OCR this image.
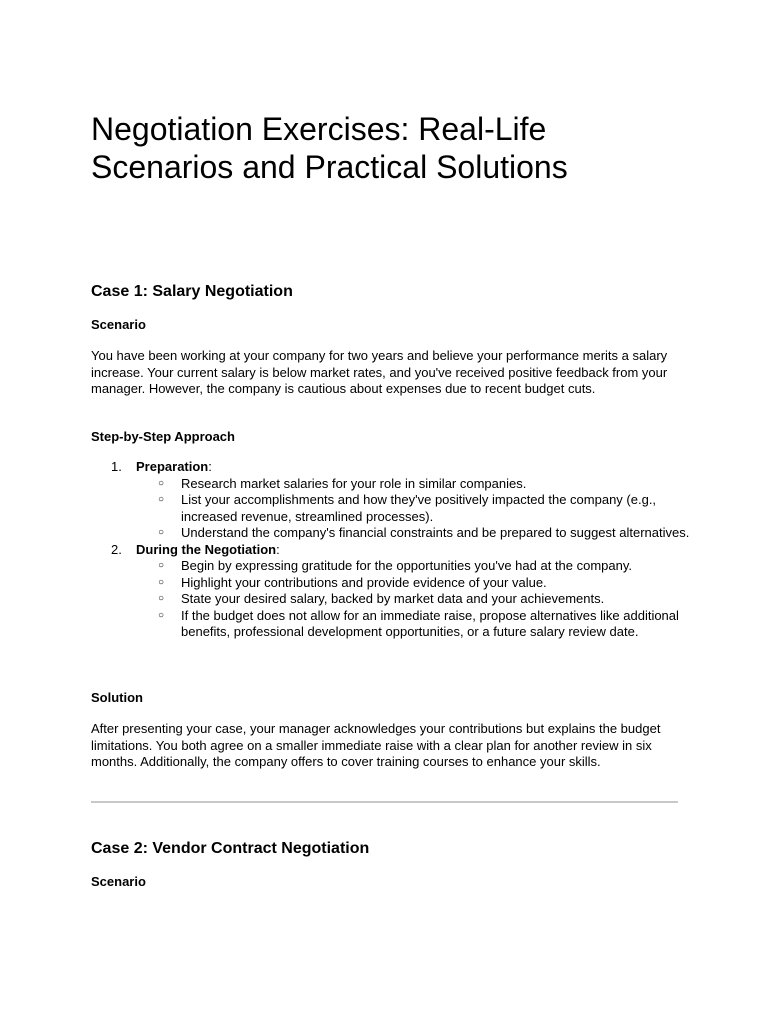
Negotiation Exercises: Real-Life Scenarios and Practical Solutions
Case 1: Salary Negotiation
Scenario

You have been working at your company for two years and believe your performance merits a salary increase. Your current salary is below market rates, and you've received positive feedback from your manager. However, the company is cautious about expenses due to recent budget cuts.

Step-by-Step Approach
1. Preparation:
○ Research market salaries for your role in similar companies.
○ List your accomplishments and how they've positively impacted the company (e.g., increased revenue, streamlined processes).
○ Understand the company's financial constraints and be prepared to suggest alternatives.
2. During the Negotiation:
○ Begin by expressing gratitude for the opportunities you've had at the company.
○ Highlight your contributions and provide evidence of your value.
○ State your desired salary, backed by market data and your achievements.
○ If the budget does not allow for an immediate raise, propose alternatives like additional benefits, professional development opportunities, or a future salary review date.
Solution

After presenting your case, your manager acknowledges your contributions but explains the budget limitations. You both agree on a smaller immediate raise with a clear plan for another review in six months. Additionally, the company offers to cover training courses to enhance your skills.

Case 2: Vendor Contract Negotiation
Scenario
